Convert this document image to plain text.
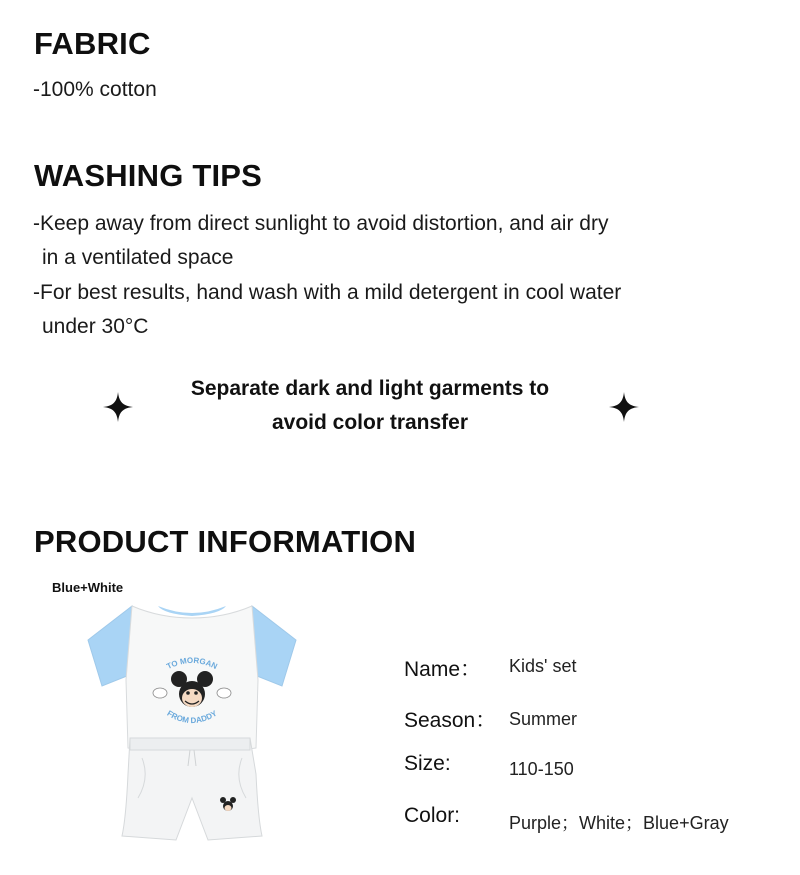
FABRIC
-100% cotton
WASHING TIPS
-Keep away from direct sunlight to avoid distortion, and air dry
in a ventilated space
-For best results, hand wash with a mild detergent in cool water
under 30°C
Separate dark and light garments to
avoid color transfer
PRODUCT INFORMATION
Blue+White
TO MORGAN
FROM DADDY
Name： Kids' set
Season： Summer
Size:	110-150
Color:	Purple；White；Blue+Gray
